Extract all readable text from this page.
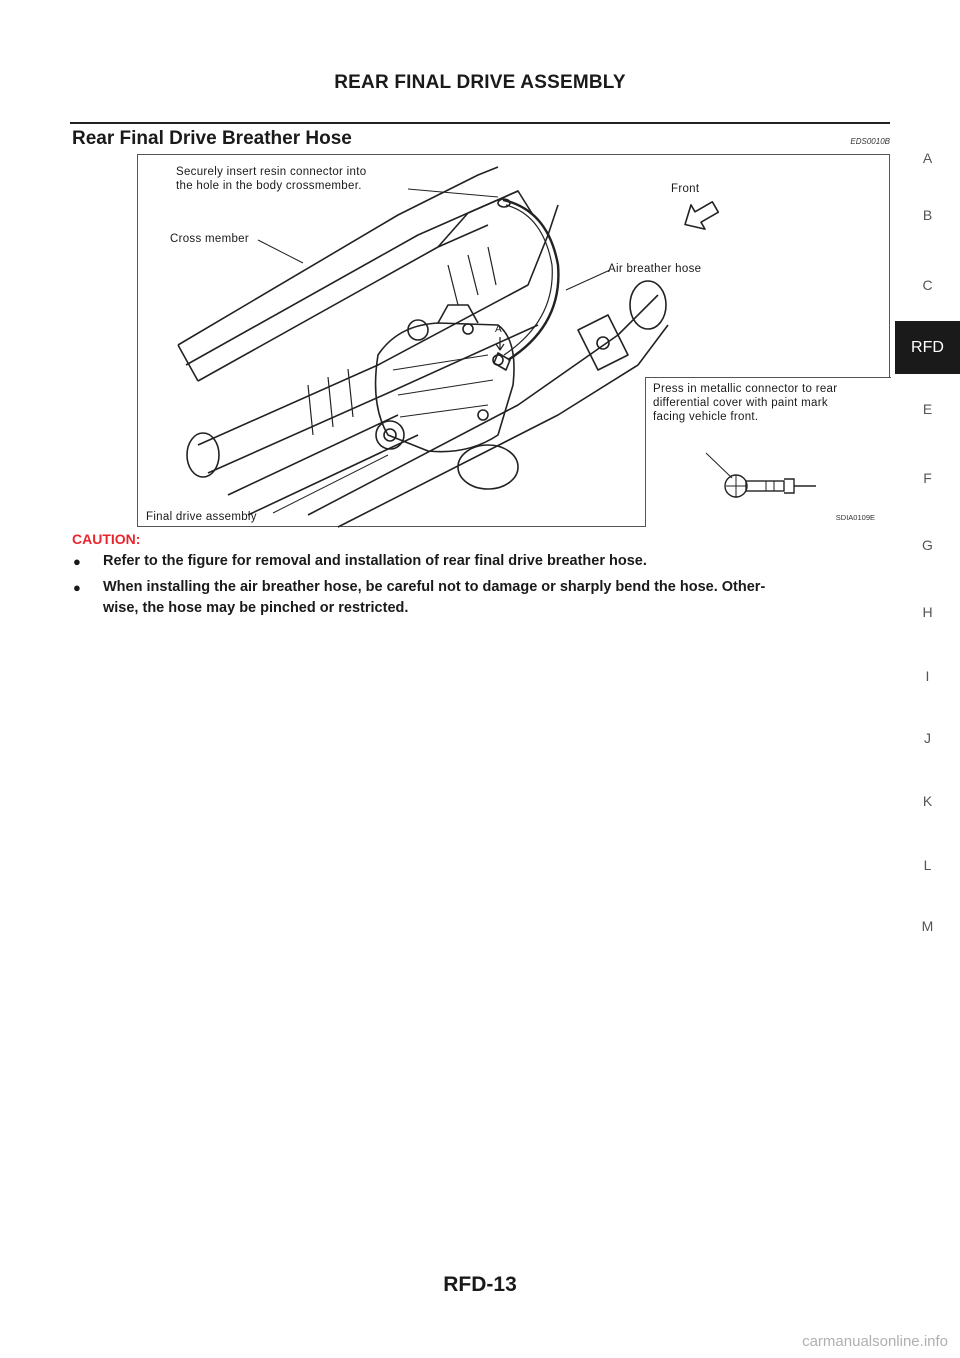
REAR FINAL DRIVE ASSEMBLY
Rear Final Drive Breather Hose	EDS0010B
Securely insert resin connector into
the hole in the body crossmember.	Front
Cross member
Air breather hose
A
Final drive assembly
Press in metallic connector to rear
differential cover with paint mark
facing vehicle front.
SDIA0109E
CAUTION:
● Refer to the figure for removal and installation of rear final drive breather hose.
● When installing the air breather hose, be careful not to damage or sharply bend the hose. Other-
wise, the hose may be pinched or restricted.
A
B
C
RFD
E
F
G
H
I
J
K
L
M
RFD-13
carmanualsonline.info
